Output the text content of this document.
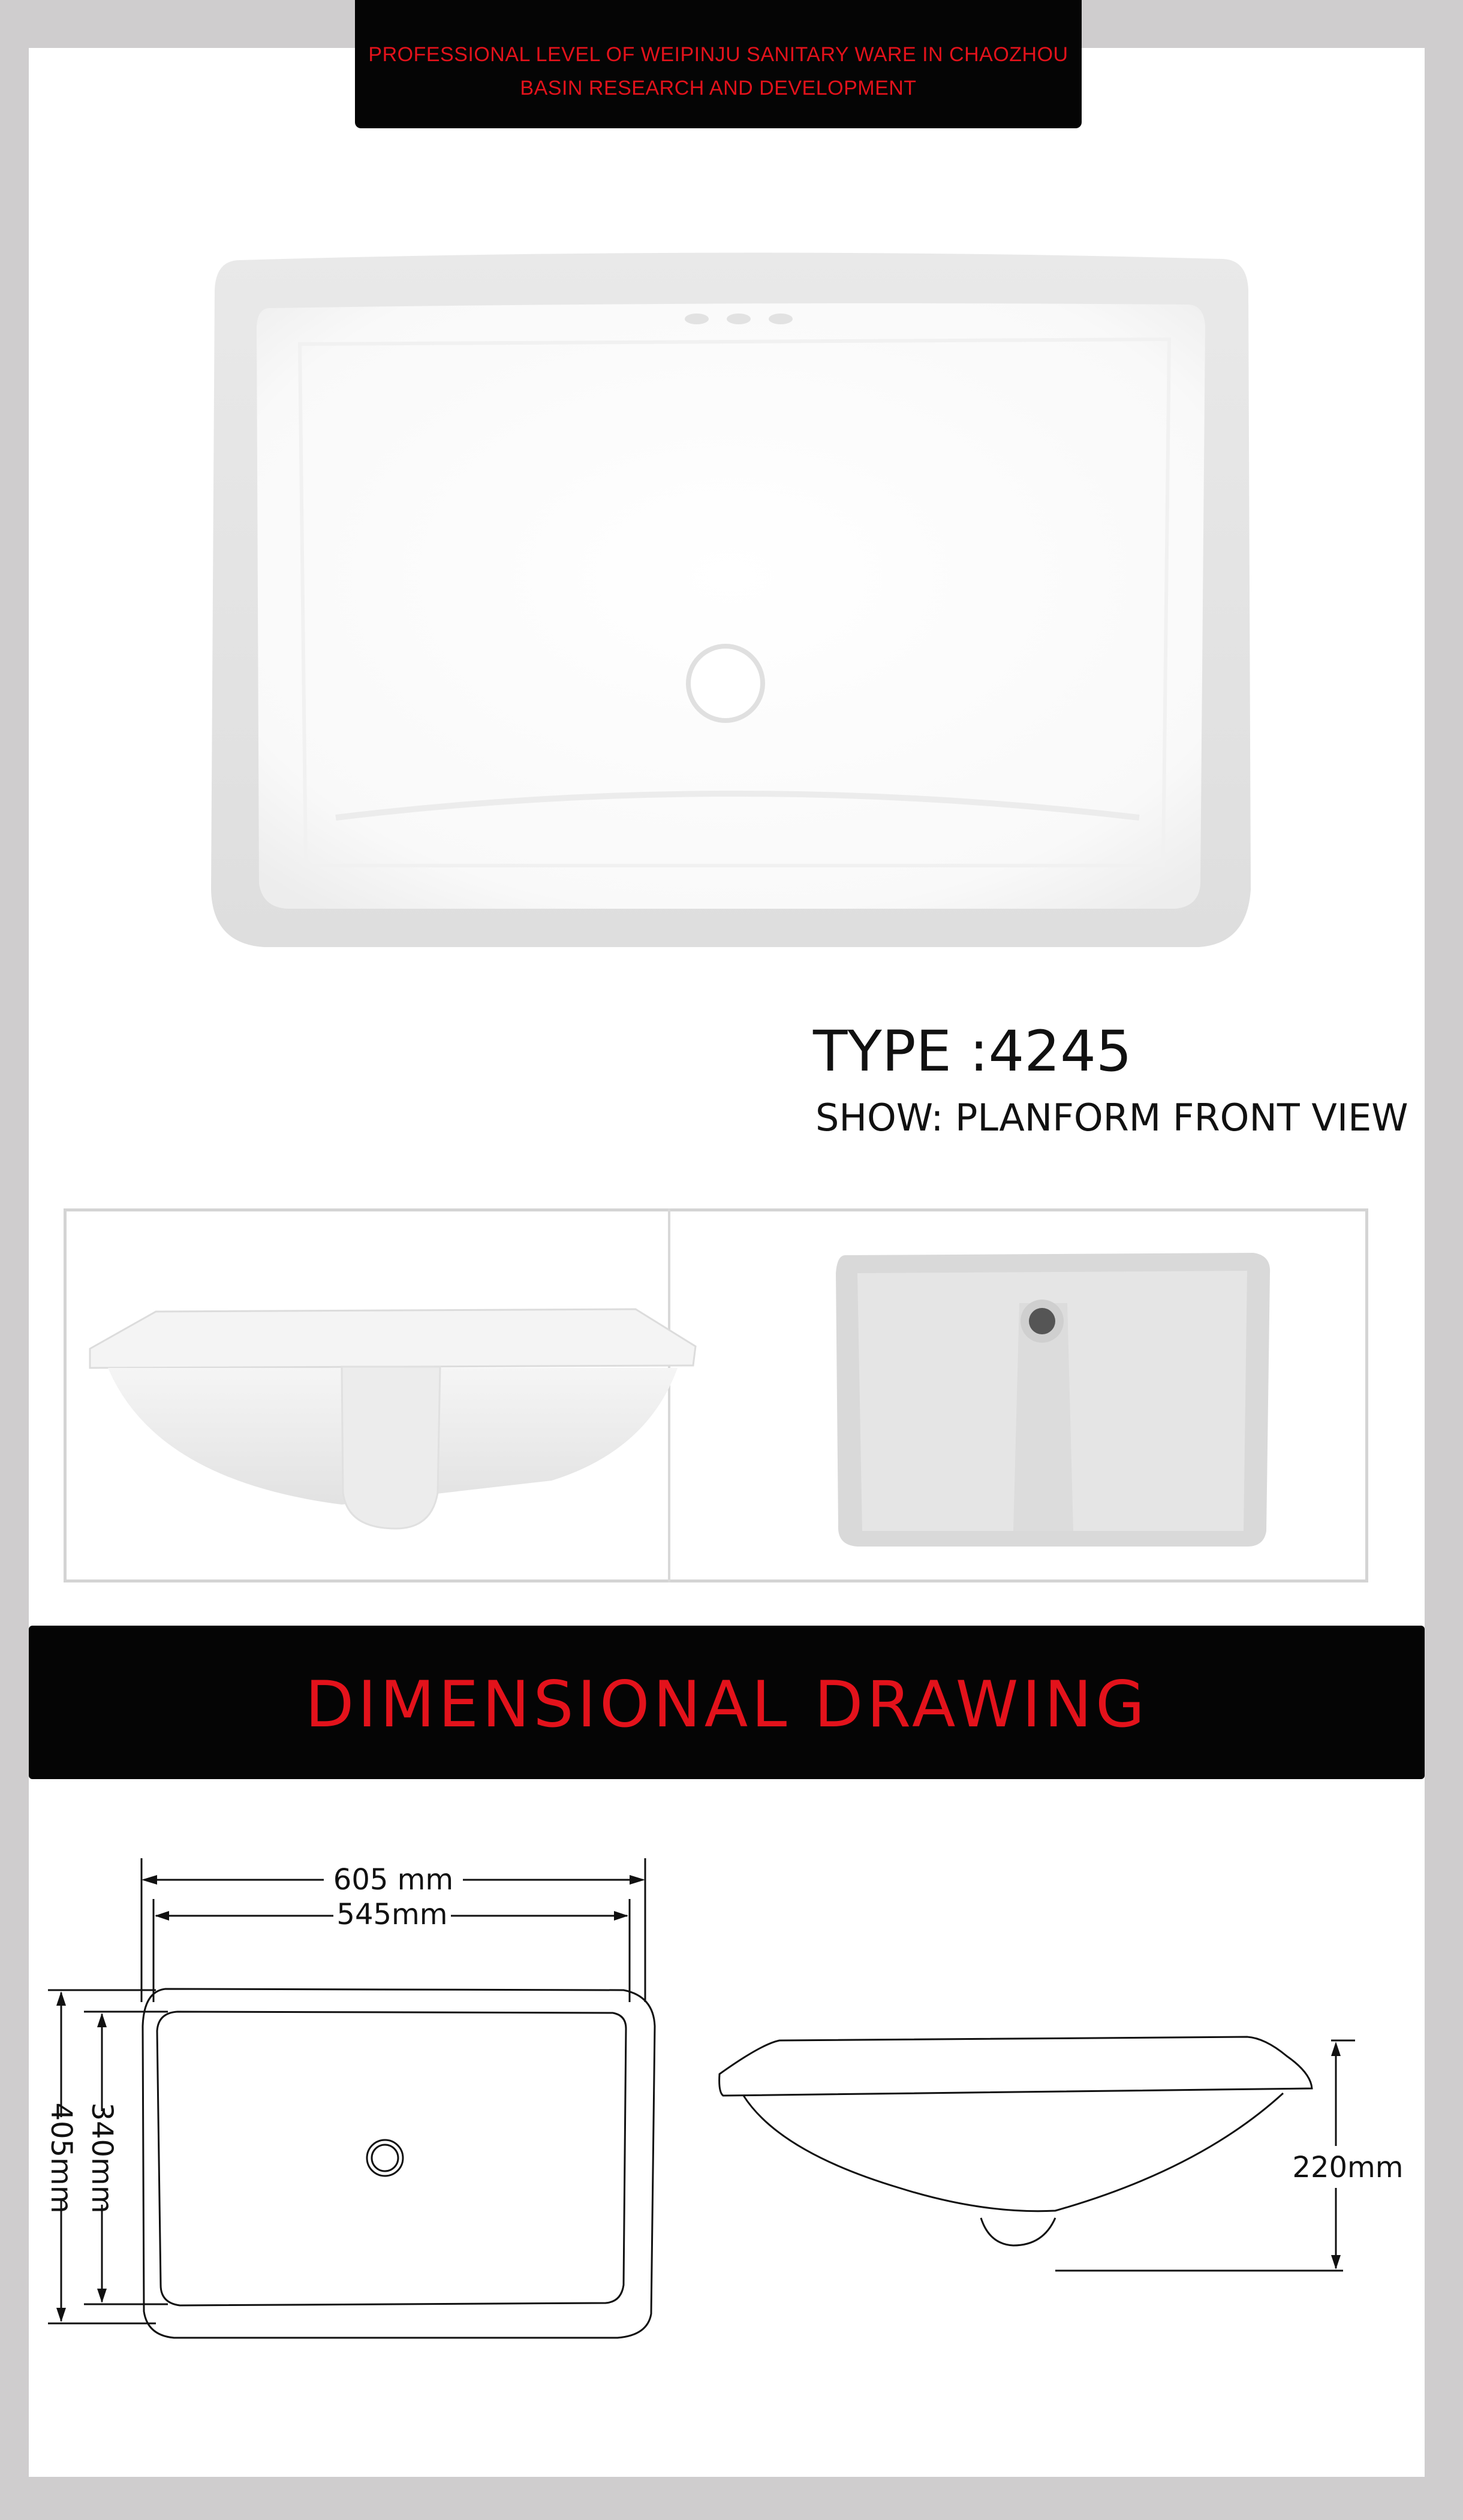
PROFESSIONAL LEVEL OF WEIPINJU SANITARY WARE IN CHAOZHOU
BASIN RESEARCH AND DEVELOPMENT
TYPE :4245
SHOW: PLANFORM FRONT VIEW
DIMENSIONAL DRAWING
605 mm
545mm
405mm 340mm	220mm
